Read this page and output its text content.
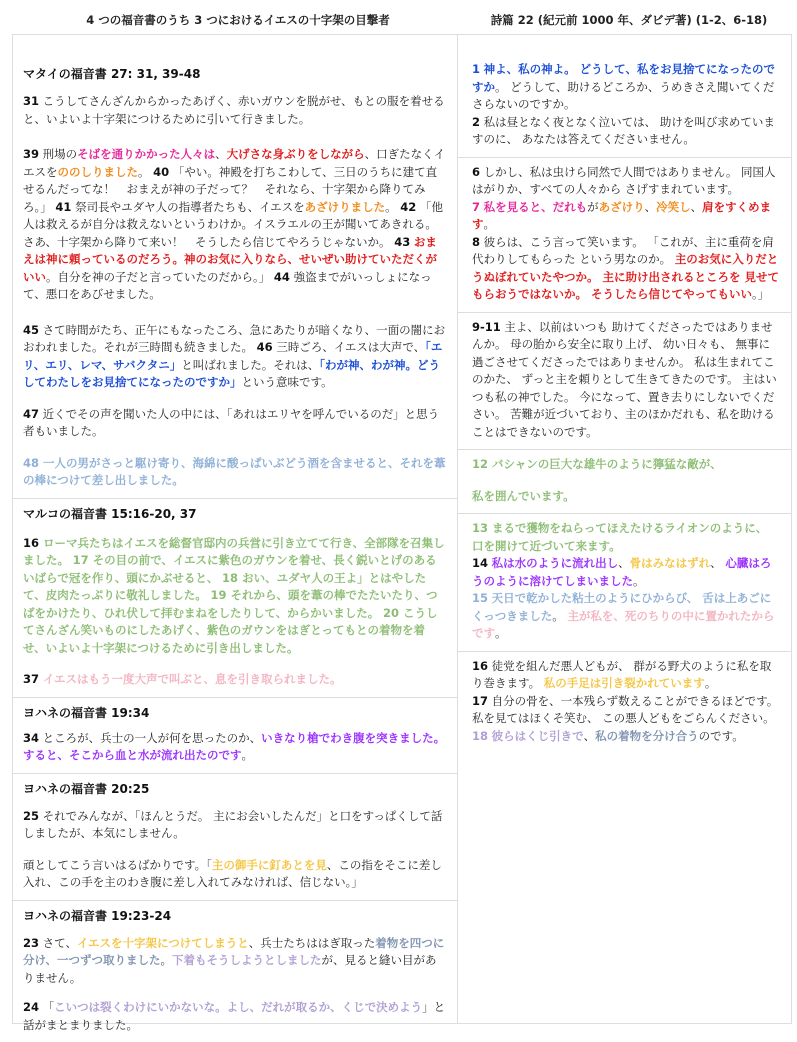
4 つの福音書のうち 3 つにおけるイエスの十字架の目撃者	詩篇 22 (紀元前 1000 年、ダビデ著) (1-2、6-18)
マタイの福音書 27: 31, 39-48

31 こうしてさんざんからかったあげく、赤いガウンを脱がせ、もとの服を着せると、いよいよ十字架につけるために引いて行きました。

39 刑場のそばを通りかかった人々は、大げさな身ぶりをしながら、口ぎたなくイエスをののしりました。 40 「やい。神殿を打ちこわして、三日のうちに建て直せるんだってな！　おまえが神の子だって？　それなら、十字架から降りてみろ。」 41 祭司長やユダヤ人の指導者たちも、イエスをあざけりました。 42 「他人は救えるが自分は救えないというわけか。イスラエルの王が聞いてあきれる。さあ、十字架から降りて来い！　そうしたら信じてやろうじゃないか。 43 おまえは神に頼っているのだろう。神のお気に入りなら、せいぜい助けていただくがいい。自分を神の子だと言っていたのだから。」 44 強盗までがいっしょになって、悪口をあびせました。

45 さて時間がたち、正午にもなったころ、急にあたりが暗くなり、一面の闇におおわれました。それが三時間も続きました。 46 三時ごろ、イエスは大声で、「エリ、エリ、レマ、サバクタニ」と叫ばれました。それは、「わが神、わが神。どうしてわたしをお見捨てになったのですか」という意味です。

47 近くでその声を聞いた人の中には、「あれはエリヤを呼んでいるのだ」と思う者もいました。

48 一人の男がさっと駆け寄り、海綿に酸っぱいぶどう酒を含ませると、それを葦の棒につけて差し出しました。

マルコの福音書 15:16-20, 37

16 ローマ兵たちはイエスを総督官邸内の兵営に引き立てて行き、全部隊を召集しました。 17 その目の前で、イエスに紫色のガウンを着せ、長く鋭いとげのあるいばらで冠を作り、頭にかぶせると、 18 おい、ユダヤ人の王よ」とはやしたて、皮肉たっぷりに敬礼しました。 19 それから、頭を葦の棒でたたいたり、つばをかけたり、ひれ伏して拝むまねをしたりして、からかいました。 20 こうしてさんざん笑いものにしたあげく、紫色のガウンをはぎとってもとの着物を着せ、いよいよ十字架につけるために引き出しました。

37 イエスはもう一度大声で叫ぶと、息を引き取られました。

ヨハネの福音書 19:34

34 ところが、兵士の一人が何を思ったのか、いきなり槍でわき腹を突きました。すると、そこから血と水が流れ出たのです。

ヨハネの福音書 20:25

25 それでみんなが、「ほんとうだ。 主にお会いしたんだ」と口をすっぱくして話しましたが、本気にしません。

頑としてこう言いはるばかりです。「主の御手に釘あとを見、この指をそこに差し入れ、この手を主のわき腹に差し入れてみなければ、信じない。」

ヨハネの福音書 19:23-24

23 さて、イエスを十字架につけてしまうと、兵士たちははぎ取った着物を四つに分け、一つずつ取りました。下着もそうしようとしましたが、見ると縫い目がありません。

24 「こいつは裂くわけにいかないな。よし、だれが取るか、くじで決めよう」と話がまとまりました。

1 神よ、私の神よ。 どうして、私をお見捨てになったのですか。 どうして、助けるどころか、うめきさえ聞いてくださらないのですか。

2 私は昼となく夜となく泣いては、 助けを叫び求めていますのに、 あなたは答えてくださいません。

6 しかし、私は虫けら同然で人間ではありません。 同国人はがりか、すべての人々から さげすまれています。

7 私を見ると、だれもがあざけり、冷笑し、肩をすくめます。

8 彼らは、こう言って笑います。 「これが、主に重荷を肩代わりしてもらった という男なのか。 主のお気に入りだとうぬぼれていたやつか。 主に助け出されるところを 見せてもらおうではないか。 そうしたら信じてやってもいい。」

9-11 主よ、以前はいつも 助けてくださったではありませんか。 母の胎から安全に取り上げ、 幼い日々も、 無事に過ごさせてくださったではありませんか。 私は生まれてこのかた、 ずっと主を頼りとして生きてきたのです。 主はいつも私の神でした。 今になって、置き去りにしないでください。 苦難が近づいており、主のほかだれも、私を助けることはできないのです。

12 バシャンの巨大な雄牛のように獰猛な敵が、

私を囲んでいます。

13 まるで獲物をねらってほえたけるライオンのように、 口を開けて近づいて来ます。

14 私は水のように流れ出し、骨はみなはずれ、 心臓はろうのように溶けてしまいました。

15 天日で乾かした粘土のようにひからび、 舌は上あごにくっつきました。 主が私を、死のちりの中に置かれたからです。

16 徒党を組んだ悪人どもが、 群がる野犬のように私を取り巻きます。 私の手足は引き裂かれています。

17 自分の骨を、一本残らず数えることができるほどです。 私を見てはほくそ笑む、 この悪人どもをごらんください。

18 彼らはくじ引きで、私の着物を分け合うのです。
